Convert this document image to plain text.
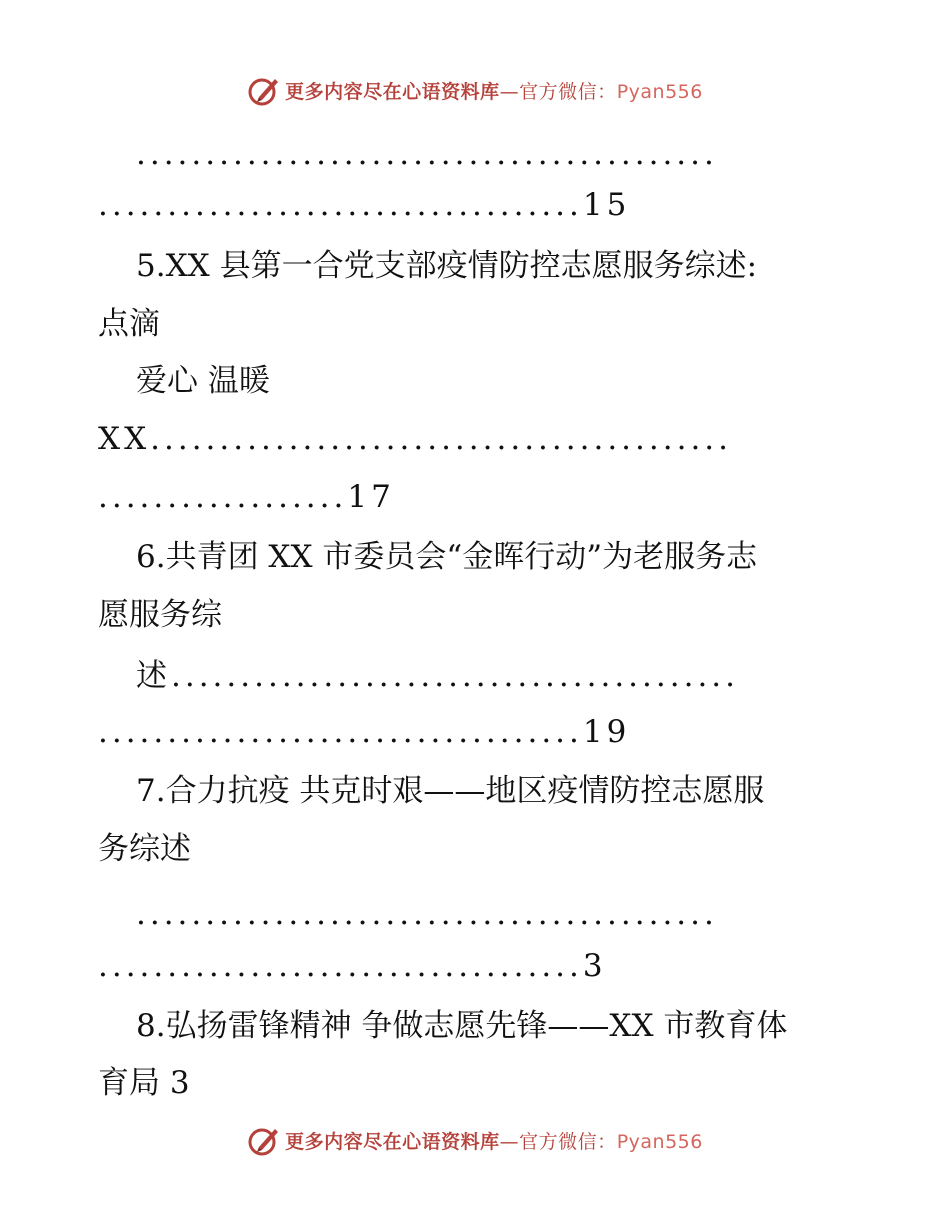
更多内容尽在心语资料库—官方微信：Pyan556
..........................................
...................................15
5.XX 县第一合党支部疫情防控志愿服务综述:
点滴
爱心 温暖
XX..........................................
..................17
6.共青团 XX 市委员会“金晖行动”为老服务志
愿服务综
述.........................................
...................................19
7.合力抗疫 共克时艰——地区疫情防控志愿服
务综述
..........................................
...................................3
8.弘扬雷锋精神 争做志愿先锋——XX 市教育体
育局 3
更多内容尽在心语资料库—官方微信：Pyan556
